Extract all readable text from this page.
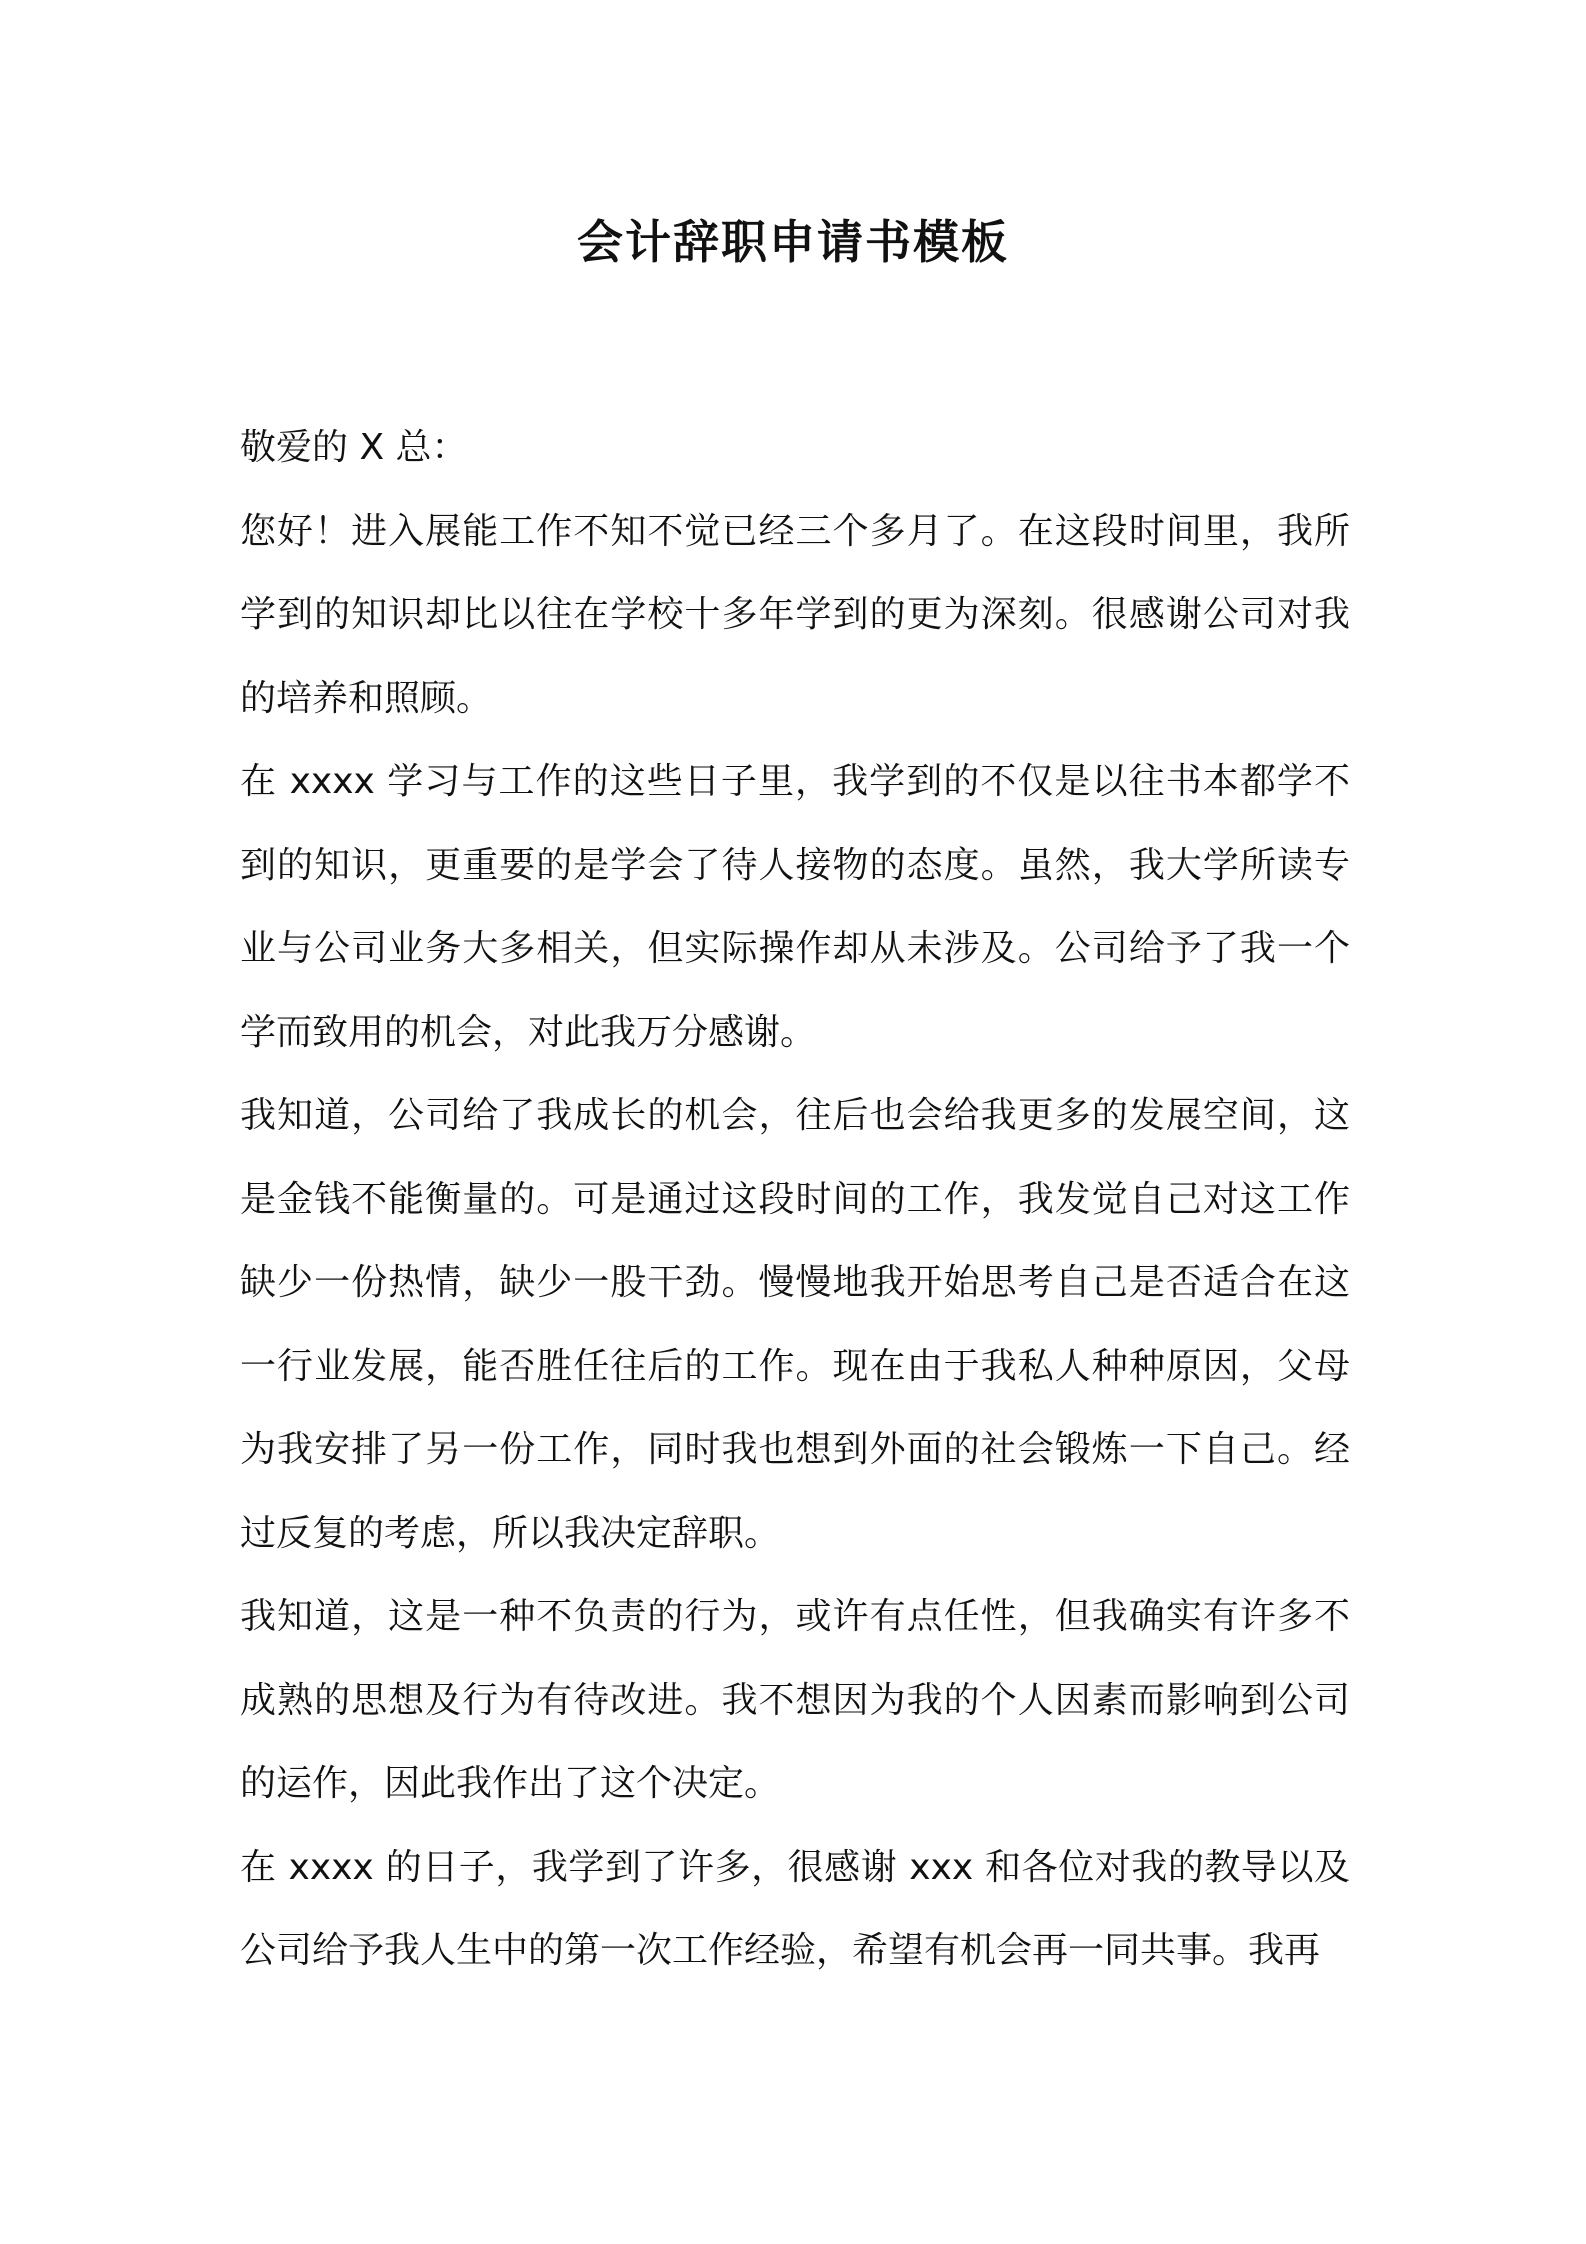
会计辞职申请书模板

敬爱的 X 总：

您好！进入展能工作不知不觉已经三个多月了。在这段时间里，我所学到的知识却比以往在学校十多年学到的更为深刻。很感谢公司对我的培养和照顾。

在 xxxx 学习与工作的这些日子里，我学到的不仅是以往书本都学不到的知识，更重要的是学会了待人接物的态度。虽然，我大学所读专业与公司业务大多相关，但实际操作却从未涉及。公司给予了我一个学而致用的机会，对此我万分感谢。

我知道，公司给了我成长的机会，往后也会给我更多的发展空间，这是金钱不能衡量的。可是通过这段时间的工作，我发觉自己对这工作缺少一份热情，缺少一股干劲。慢慢地我开始思考自己是否适合在这一行业发展，能否胜任往后的工作。现在由于我私人种种原因，父母为我安排了另一份工作，同时我也想到外面的社会锻炼一下自己。经过反复的考虑，所以我决定辞职。

我知道，这是一种不负责的行为，或许有点任性，但我确实有许多不成熟的思想及行为有待改进。我不想因为我的个人因素而影响到公司的运作，因此我作出了这个决定。

在 xxxx 的日子，我学到了许多，很感谢 xxx 和各位对我的教导以及公司给予我人生中的第一次工作经验，希望有机会再一同共事。我再
